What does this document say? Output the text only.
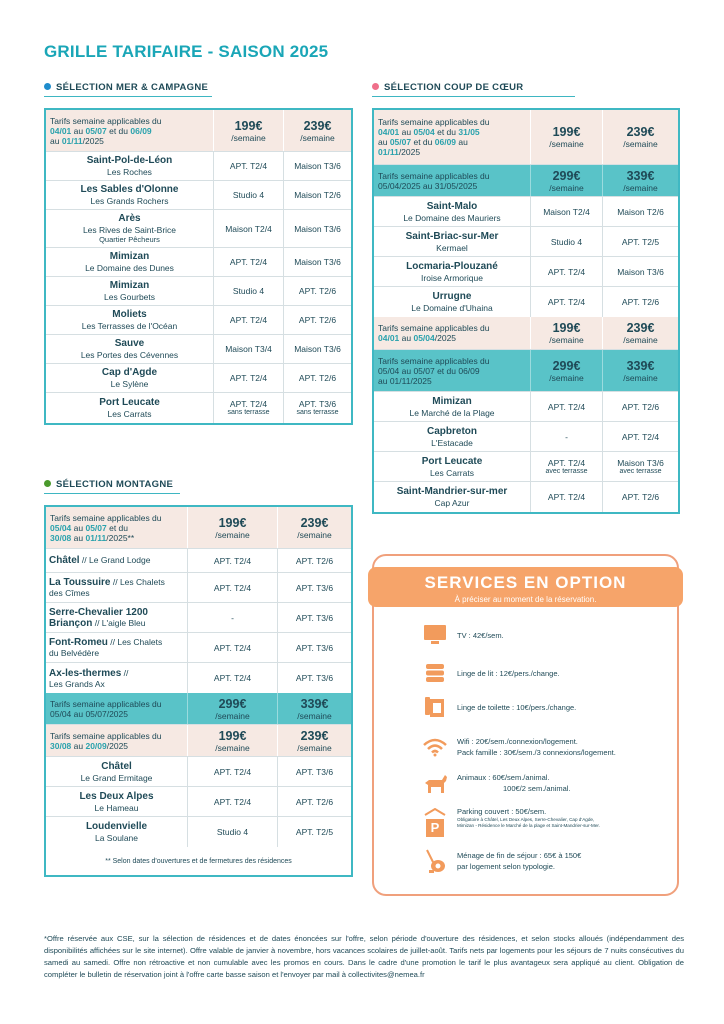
GRILLE TARIFAIRE - SAISON 2025
SÉLECTION MER & CAMPAGNE
Tarifs semaine applicables du
04/01 au 05/07 et du 06/09
au 01/11/2025
199€
/semaine
239€
/semaine
Saint-Pol-de-Léon
Les Roches
APT. T2/4	Maison T3/6
Les Sables d'Olonne
Les Grands Rochers
Studio 4	Maison T2/6
Arès
Les Rives de Saint-Brice
Quartier Pêcheurs
Maison T2/4	Maison T3/6
Mimizan
Le Domaine des Dunes
APT. T2/4	Maison T3/6
Mimizan
Les Gourbets
Studio 4	APT. T2/6
Moliets
Les Terrasses de l'Océan
APT. T2/4	APT. T2/6
Sauve
Les Portes des Cévennes
Maison T3/4	Maison T3/6
Cap d'Agde
Le Sylène
APT. T2/4	APT. T2/6
Port Leucate
Les Carrats
APT. T2/4
sans terrasse
APT. T3/6
sans terrasse
SÉLECTION COUP DE CŒUR
Tarifs semaine applicables du
04/01 au 05/04 et du 31/05
au 05/07 et du 06/09 au
01/11/2025
199€
/semaine
239€
/semaine
Tarifs semaine applicables du
05/04/2025 au 31/05/2025
299€
/semaine
339€
/semaine
Saint-Malo
Le Domaine des Mauriers
Maison T2/4	Maison T2/6
Saint-Briac-sur-Mer
Kermael
Studio 4	APT. T2/5
Locmaria-Plouzané
Iroise Armorique
APT. T2/4	Maison T3/6
Urrugne
Le Domaine d'Uhaina
APT. T2/4	APT. T2/6
Tarifs semaine applicables du
04/01 au 05/04/2025
199€
/semaine
239€
/semaine
Tarifs semaine applicables du
05/04 au 05/07 et du 06/09
au 01/11/2025
299€
/semaine
339€
/semaine
Mimizan
Le Marché de la Plage
APT. T2/4	APT. T2/6
Capbreton
L'Estacade
-	APT. T2/4
Port Leucate
Les Carrats
APT. T2/4
avec terrasse
Maison T3/6
avec terrasse
Saint-Mandrier-sur-mer
Cap Azur
APT. T2/4	APT. T2/6
SÉLECTION MONTAGNE
Tarifs semaine applicables du
05/04 au 05/07 et du
30/08 au 01/11/2025**
199€
/semaine
239€
/semaine
Châtel // Le Grand Lodge	APT. T2/4	APT. T2/6
La Toussuire // Les Chalets
des Cîmes
APT. T2/4	APT. T3/6
Serre-Chevalier 1200
Briançon // L'aigle Bleu	-	APT. T3/6
Font-Romeu // Les Chalets
du Belvédère
APT. T2/4	APT. T3/6
Ax-les-thermes //
Les Grands Ax
APT. T2/4	APT. T3/6
Tarifs semaine applicables du
05/04 au 05/07/2025
299€
/semaine
339€
/semaine
Tarifs semaine applicables du
30/08 au 20/09/2025
199€
/semaine
239€
/semaine
Châtel
Le Grand Ermitage
APT. T2/4	APT. T3/6
Les Deux Alpes
Le Hameau
APT. T2/4	APT. T2/6
Loudenvielle
La Soulane
Studio 4	APT. T2/5
** Selon dates d'ouvertures et de fermetures des résidences
SERVICES EN OPTION
À préciser au moment de la réservation.
TV : 42€/sem.
Linge de lit : 12€/pers./change.
Linge de toilette : 10€/pers./change.
Wifi : 20€/sem./connexion/logement.
Pack famille : 30€/sem./3 connexions/logement.
Animaux : 60€/sem./animal.
100€/2 sem./animal.
P
Parking couvert : 50€/sem.
Obligatoire à Châtel, Les Deux Alpes, Serre-Chevalier, Cap d'Agde,
Mimizan - Résidence le Marché de la plage et Saint-Mandrier-sur-Mer.
Ménage de fin de séjour : 65€ à 150€
par logement selon typologie.
*Offre réservée aux CSE, sur la sélection de résidences et de dates énoncées sur l'offre, selon période d'ouverture des résidences, et selon stocks alloués (indépendamment des disponibilités affichées sur le site internet). Offre valable de janvier à novembre, hors vacances scolaires de juillet-août. Tarifs nets par logements pour les séjours de 7 nuits consécutives du samedi au samedi. Offre non rétroactive et non cumulable avec les promos en cours. Dans le cadre d'une promotion le tarif le plus avantageux sera appliqué au client. Obligation de compléter le bulletin de réservation joint à l'offre carte basse saison et l'envoyer par mail à collectivites@nemea.fr
